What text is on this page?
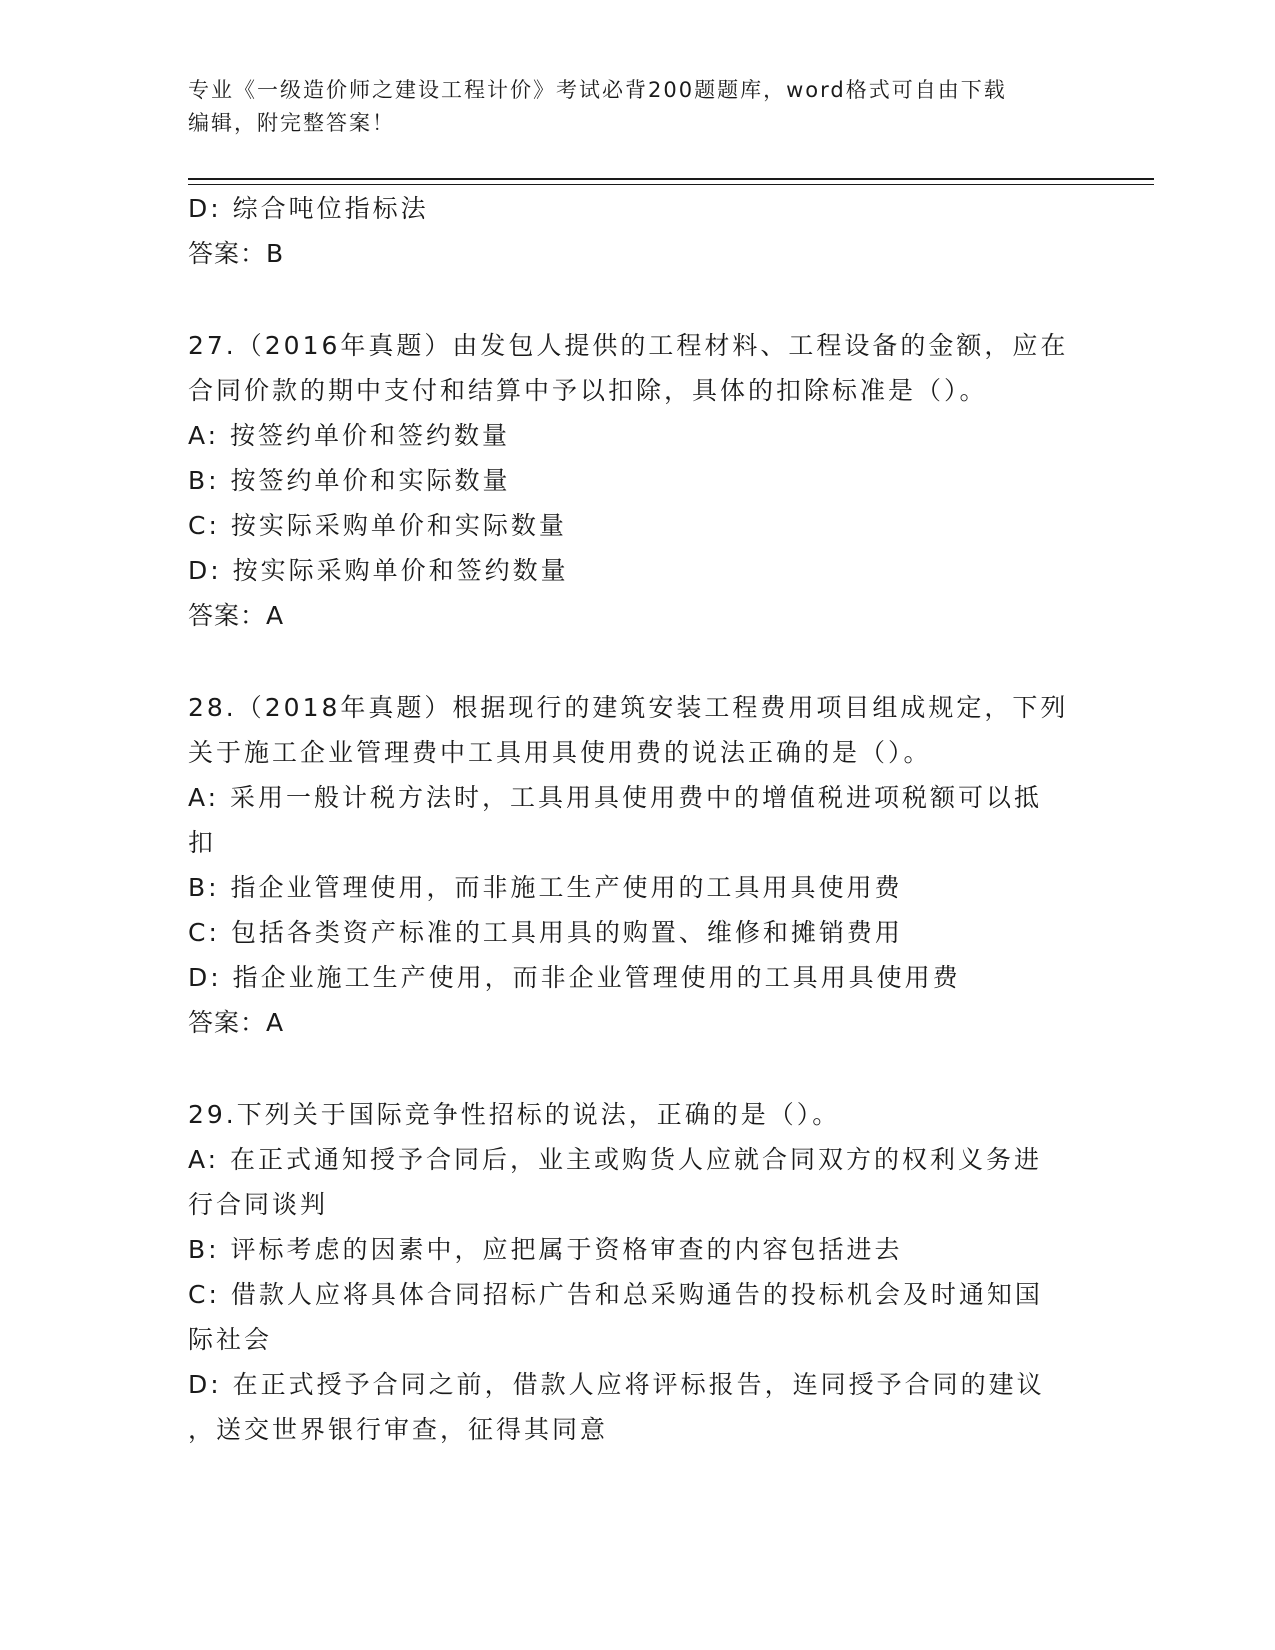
专业《一级造价师之建设工程计价》考试必背200题题库，word格式可自由下载
编辑，附完整答案！
D: 综合吨位指标法
答案：B
27.（2016年真题）由发包人提供的工程材料、工程设备的金额，应在
合同价款的期中支付和结算中予以扣除，具体的扣除标准是（）。
A: 按签约单价和签约数量
B: 按签约单价和实际数量
C: 按实际采购单价和实际数量
D: 按实际采购单价和签约数量
答案：A
28.（2018年真题）根据现行的建筑安装工程费用项目组成规定，下列
关于施工企业管理费中工具用具使用费的说法正确的是（）。
A: 采用一般计税方法时，工具用具使用费中的增值税进项税额可以抵
扣
B: 指企业管理使用，而非施工生产使用的工具用具使用费
C: 包括各类资产标准的工具用具的购置、维修和摊销费用
D: 指企业施工生产使用，而非企业管理使用的工具用具使用费
答案：A
29.下列关于国际竞争性招标的说法，正确的是（）。
A: 在正式通知授予合同后，业主或购货人应就合同双方的权利义务进
行合同谈判
B: 评标考虑的因素中，应把属于资格审查的内容包括进去
C: 借款人应将具体合同招标广告和总采购通告的投标机会及时通知国
际社会
D: 在正式授予合同之前，借款人应将评标报告，连同授予合同的建议
，送交世界银行审查，征得其同意
